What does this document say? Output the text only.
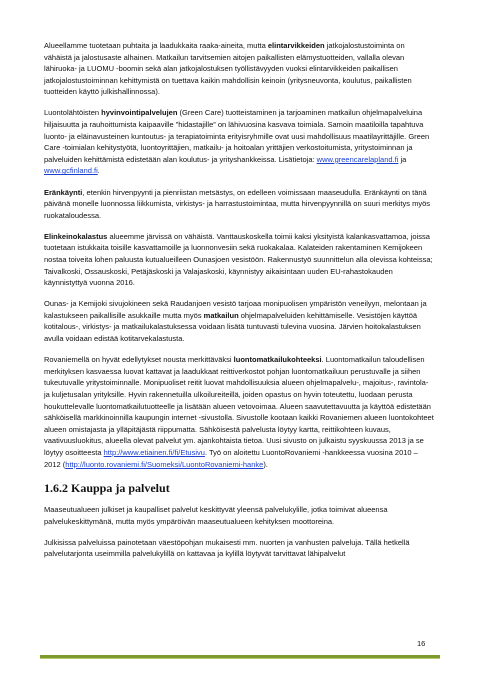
Alueellamme tuotetaan puhtaita ja laadukkaita raaka-aineita, mutta elintarvikkeiden jatkojalostustoiminta on vähäistä ja jalostusaste alhainen. Matkailun tarvitsemien aitojen paikallisten elämystuotteiden, vallalla olevan lähiruoka- ja LUOMU -boomin sekä alan jatkojalostuksen työllistävyyden vuoksi elintarvikkeiden paikallisen jatkojalostustoiminnan kehittymistä on tuettava kaikin mahdollisin keinoin (yritysneuvonta, koulutus, paikallisten tuotteiden käyttö julkishallinnossa).

Luontolähtöisten hyvinvointipalvelujen (Green Care) tuotteistaminen ja tarjoaminen matkailun ohjelmapalveluina hiljaisuutta ja rauhoittumista kaipaaville ”hidastajille” on lähivuosina kasvava toimiala. Samoin maatiloilla tapahtuva luonto- ja eläinavusteinen kuntoutus- ja terapiatoiminta erityisryhmille ovat uusi mahdollisuus maatilayrittäjille. Green Care -toimialan kehitystyötä, luontoyrittäjien, matkailu- ja hoitoalan yrittäjien verkostoitumista, yritystoiminnan ja palveluiden kehittämistä edistetään alan koulutus- ja yrityshankkeissa. Lisätietoja: www.greencarelapland.fi ja www.gcfinland.fi.

Eränkäynti, etenkin hirvenpyynti ja pienriistan metsästys, on edelleen voimissaan maaseudulla. Eränkäynti on tänä päivänä monelle luonnossa liikkumista, virkistys- ja harrastustoimintaa, mutta hirvenpyynnillä on suuri merkitys myös ruokataloudessa.

Elinkeinokalastus alueemme järvissä on vähäistä. Vanttauskoskella toimii kaksi yksityistä kalankasvattamoa, joissa tuotetaan istukkaita toisille kasvattamoille ja luonnonvesiin sekä ruokakalaa. Kalateiden rakentaminen Kemijokeen nostaa toiveita lohen paluusta kutualueilleen Ounasjoen vesistöön. Rakennustyö suunnittelun alla olevissa kohteissa; Taivalkoski, Ossauskoski, Petäjäskoski ja Valajaskoski, käynnistyy aikaisintaan uuden EU-rahastokauden käynnistyttyä vuonna 2016.

Ounas- ja Kemijoki sivujokineen sekä Raudanjoen vesistö tarjoaa monipuolisen ympäristön veneilyyn, melontaan ja kalastukseen paikallisille asukkaille mutta myös matkailun ohjelmapalveluiden kehittämiselle. Vesistöjen käyttöä kotitalous-, virkistys- ja matkailukalastuksessa voidaan lisätä tuntuvasti tulevina vuosina. Järvien hoitokalastuksen avulla voidaan edistää kotitarvekalastusta.

Rovaniemellä on hyvät edellytykset nousta merkittäväksi luontomatkailukohteeksi. Luontomatkailun taloudellisen merkityksen kasvaessa luovat kattavat ja laadukkaat reittiverkostot pohjan luontomatkailuun perustuvalle ja siihen tukeutuvalle yritystoiminnalle. Monipuoliset reitit luovat mahdollisuuksia alueen ohjelmapalvelu-, majoitus-, ravintola- ja kuljetusalan yrityksille. Hyvin rakennetuilla ulkoilureiteillä, joiden opastus on hyvin toteutettu, luodaan perusta houkuttelevalle luontomatkailutuotteelle ja lisätään alueen vetovoimaa. Alueen saavutettavuutta ja käyttöä edistetään sähköisellä markkinoinnilla kaupungin internet -sivustolla. Sivustolle kootaan kaikki Rovaniemen alueen luontokohteet alueen omistajasta ja ylläpitäjästä riippumatta. Sähköisestä palvelusta löytyy kartta, reittikohteen kuvaus, vaativuusluokitus, alueella olevat palvelut ym. ajankohtaista tietoa. Uusi sivusto on julkaistu syyskuussa 2013 ja se löytyy osoitteesta http://www.etiainen.fi/fi/Etusivu. Työ on aloitettu LuontoRovaniemi -hankkeessa vuosina 2010 – 2012 (http://luonto.rovaniemi.fi/Suomeksi/LuontoRovaniemi-hanke).

1.6.2 Kauppa ja palvelut

Maaseutualueen julkiset ja kaupalliset palvelut keskittyvät yleensä palvelukylille, jotka toimivat alueensa palvelukeskittymänä, mutta myös ympäröivän maaseutualueen kehityksen moottoreina.

Julkisissa palveluissa painotetaan väestöpohjan mukaisesti mm. nuorten ja vanhusten palveluja. Tällä hetkellä palvelutarjonta useimmilla palvelukylillä on kattavaa ja kylillä löytyvät tarvittavat lähipalvelut

16
